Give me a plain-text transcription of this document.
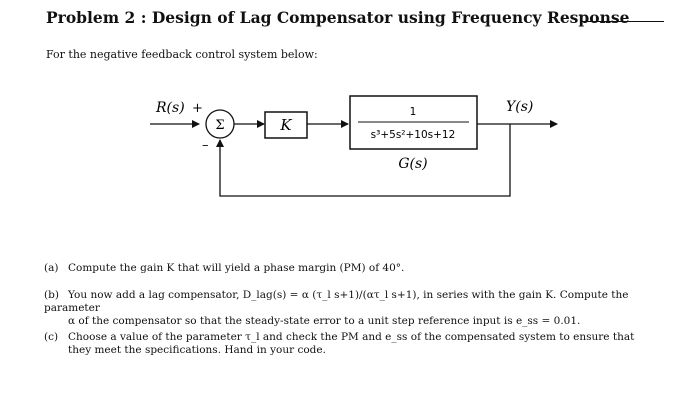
Problem 2 : Design of Lag Compensator using Frequency Response
For the negative feedback control system below:
R(s) +
Σ
–
K
1
s³+5s²+10s+12
G(s)
Y(s)
(a) Compute the gain K that will yield a phase margin (PM) of 40°.
(b) You now add a lag compensator, D_lag(s) = α (τ_l s+1)/(ατ_l s+1), in series with the gain K. Compute the parameter
α of the compensator so that the steady-state error to a unit step reference input is e_ss = 0.01.
(c) Choose a value of the parameter τ_l and check the PM and e_ss of the compensated system to ensure that
they meet the specifications. Hand in your code.
